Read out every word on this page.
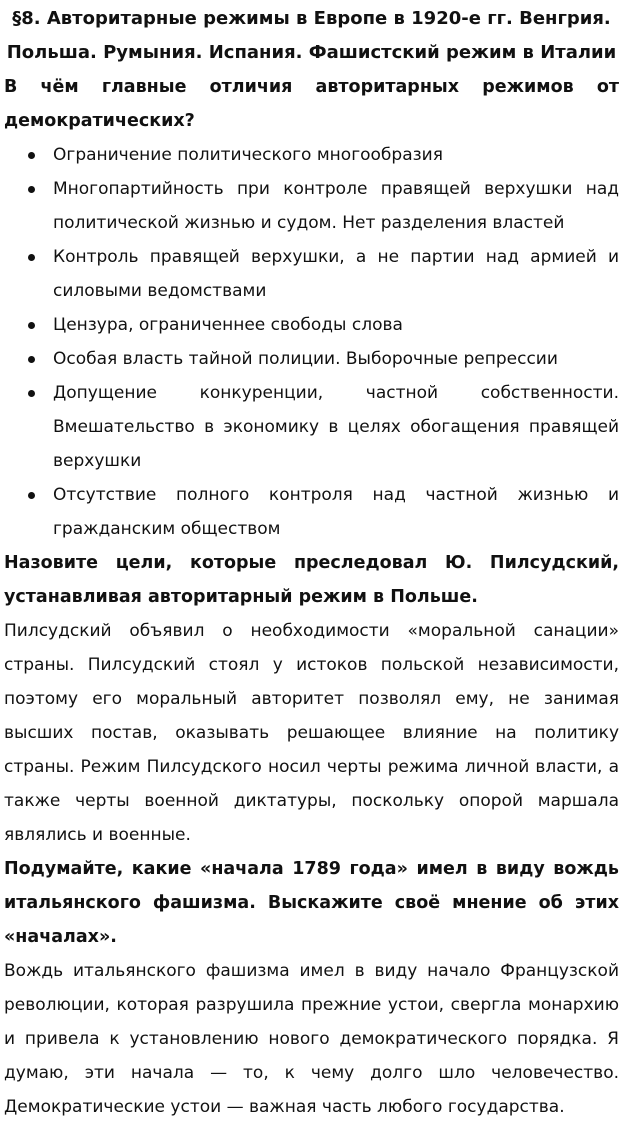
§8. Авторитарные режимы в Европе в 1920-е гг. Венгрия.
Польша. Румыния. Испания. Фашистский режим в Италии

В чём главные отличия авторитарных режимов от демократических?

Ограничение политического многообразия
Многопартийность при контроле правящей верхушки над политической жизнью и судом. Нет разделения властей
Контроль правящей верхушки, а не партии над армией и силовыми ведомствами
Цензура, ограниченнее свободы слова
Особая власть тайной полиции. Выборочные репрессии
Допущение конкуренции, частной собственности. Вмешательство в экономику в целях обогащения правящей верхушки
Отсутствие полного контроля над частной жизнью и гражданским обществом

Назовите цели, которые преследовал Ю. Пилсудский, устанавливая авторитарный режим в Польше.

Пилсудский объявил о необходимости «моральной санации» страны. Пилсудский стоял у истоков польской независимости, поэтому его моральный авторитет позволял ему, не занимая высших постав, оказывать решающее влияние на политику страны. Режим Пилсудского носил черты режима личной власти, а также черты военной диктатуры, поскольку опорой маршала являлись и военные.

Подумайте, какие «начала 1789 года» имел в виду вождь итальянского фашизма. Выскажите своё мнение об этих «началах».

Вождь итальянского фашизма имел в виду начало Французской революции, которая разрушила прежние устои, свергла монархию и привела к установлению нового демократического порядка. Я думаю, эти начала — то, к чему долго шло человечество. Демократические устои — важная часть любого государства.
